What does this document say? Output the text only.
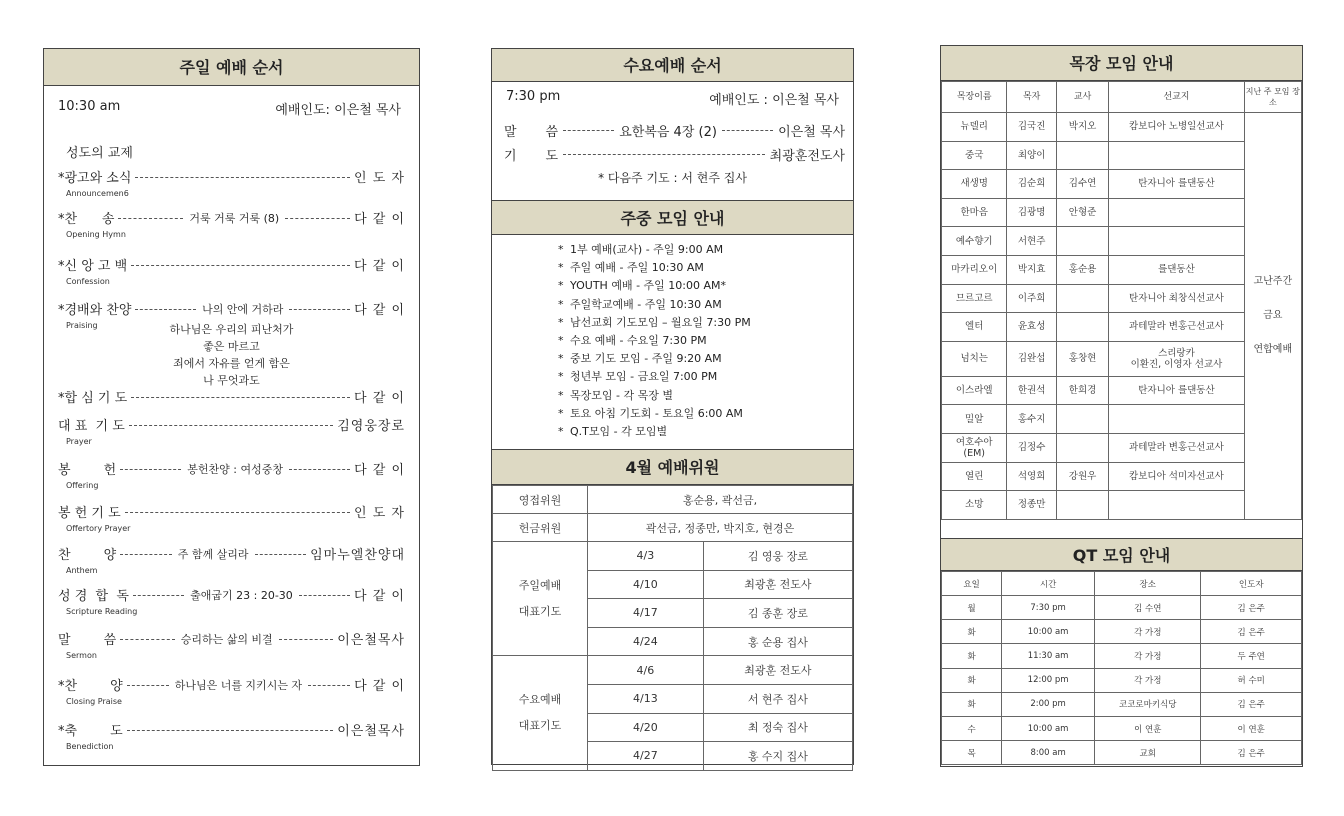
주일 예배 순서
10:30 am	예배인도: 이은철 목사
성도의 교제
*광고와 소식	인 도 자
Announcemen6
*찬      송	거룩 거룩 거룩 (8)	다 같 이
Opening Hymn
*신 앙 고 백	다 같 이
Confession
*경배와 찬양	나의 안에 거하라	다 같 이
Praising
*합 심 기 도	다 같 이
대 표  기 도	김영웅장로
Prayer
봉        헌	봉헌찬양 : 여성중창	다 같 이
Offering
봉 헌 기 도	인 도 자
Offertory Prayer
찬        양	주 함께 살리라	임마누엘찬양대
Anthem
성 경  합  독	출애굽기 23 : 20-30	다 같 이
Scripture Reading
말        씀	승리하는 삶의 비결	이은철목사
Sermon
*찬        양	하나님은 너를 지키시는 자	다 같 이
Closing Praise
*축        도	이은철목사
Benediction
하나님은 우리의 피난처가
좋은 마르고
죄에서 자유를 얻게 함은
나 무엇과도
수요예배 순서
7:30 pm	예배인도 : 이은철 목사
말       씀	요한복음 4장 (2)	이은철 목사
기       도	최광훈전도사
* 다음주 기도 : 서 현주 집사
주중 모임 안내
* 1부 예배(교사) - 주일 9:00 AM
* 주일 예배 - 주일 10:30 AM
* YOUTH 예배 - 주일 10:00 AM*
* 주일학교예배 - 주일 10:30 AM
* 남선교회 기도모임 – 월요일 7:30 PM
* 수요 예배 - 수요일 7:30 PM
* 중보 기도 모임 - 주일 9:20 AM
* 청년부 모임 - 금요일 7:00 PM
* 목장모임 - 각 목장 별
* 토요 아침 기도회 - 토요일 6:00 AM
* Q.T모임 - 각 모임별
4월 예배위원
영접위원	홍순용, 곽선금,	
헌금위원	곽선금, 정종만, 박지호, 현경은	

주일예배
대표기도	4/3	김 영웅 장로
	4/10	최광훈 전도사
	4/17	김 종훈 장로
	4/24	홍 순용 집사

수요예배
대표기도	4/6	최광훈 전도사
	4/13	서 현주 집사
	4/20	최 정숙 집사
	4/27	홍 수지 집사
목장 모임 안내
목장이름	목자	교사	선교지	지난 주 모임 장소
뉴델리	김국진	박지오	캄보디아 노병일선교사	고난주간
금요
연합예배

중국	최양이			
새생명	김순희	김수연	탄자니아 를댄동산	
한마음	김광명	안형준		
예수향기	서현주			
마카리오이	박지효	홍순용	를댄동산	
므르고르	이주희		탄자니아 최창식선교사	
엘터	윤효성		과테말라 변홍근선교사	
넘치는	김완섭	홍창현	스리랑카
이환진, 이영자 선교사	
이스라엘	한권석	한희경	탄자니아 를댄동산	
밀알	홍수지			
여호수아
(EM)	김정수		과테말라 변홍근선교사	
열린	석영희	강원우	캄보디아 석미자선교사	
소망	정종만			
QT 모임 안내
요일	시간	장소	인도자
월	7:30 pm	김 수연	김 은주
화	10:00 am	각 가정	김 은주
화	11:30 am	각 가정	두 주연
화	12:00 pm	각 가정	허 수미
화	2:00 pm	코코로마키식당	김 은주
수	10:00 am	이 연훈	이 연훈
목	8:00 am	교회	김 은주
